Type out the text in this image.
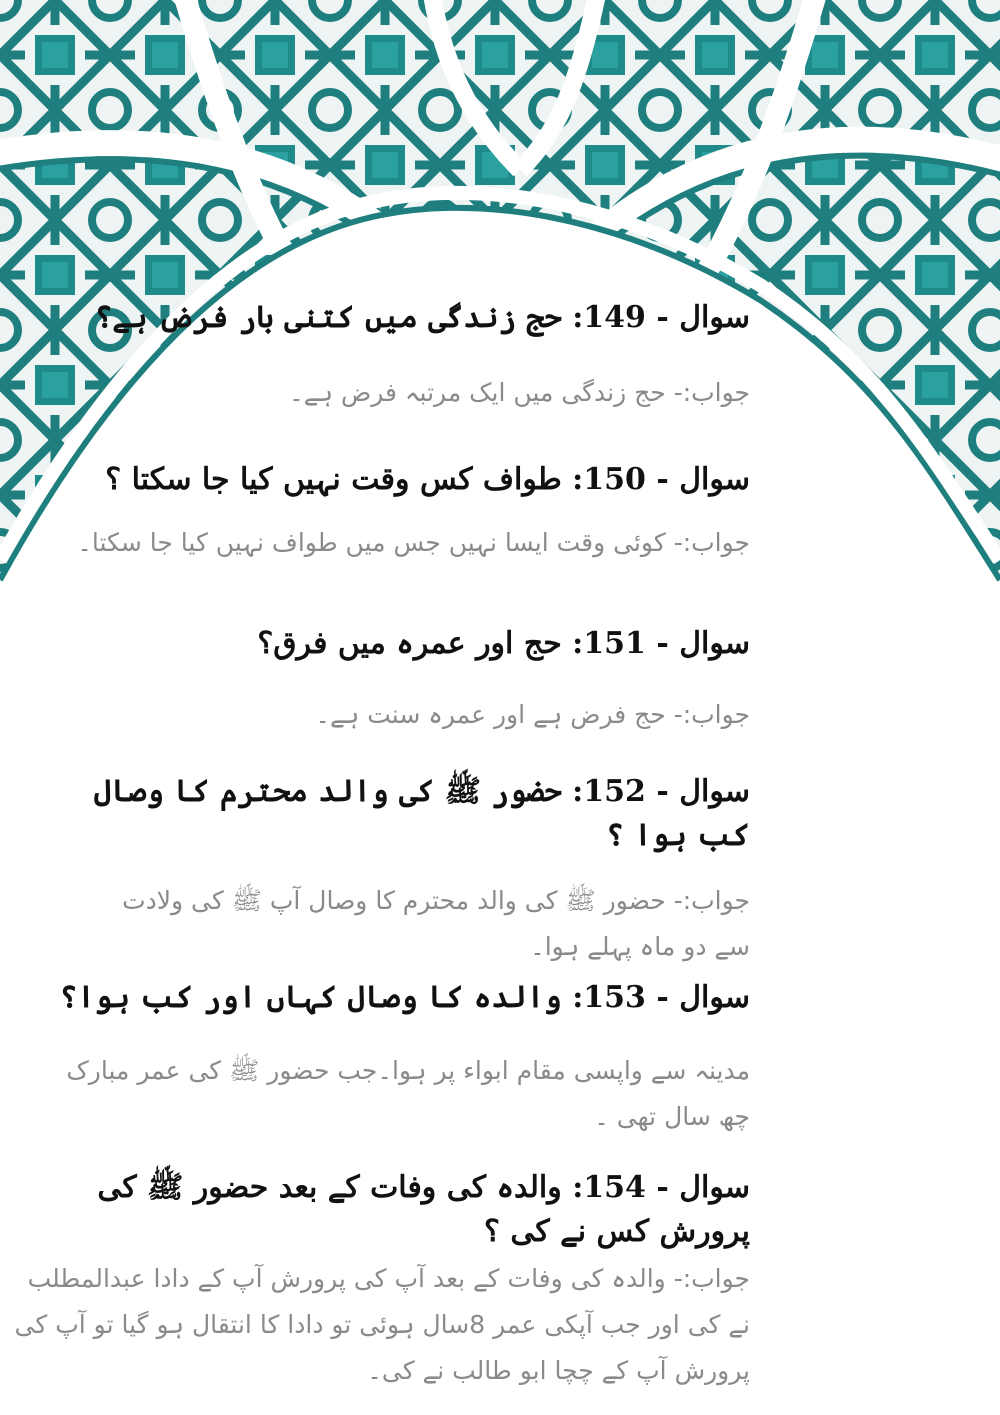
سوال - 149: حج زندگی میں کتنی بار فرض ہے؟

جواب:- حج زندگی میں ایک مرتبہ فرض ہے۔

سوال - 150: طواف کس وقت نہیں کیا جا سکتا ؟

جواب:- کوئی وقت ایسا نہیں جس میں طواف نہیں کیا جا سکتا۔

سوال - 151: حج اور عمرہ میں فرق؟

جواب:- حج فرض ہے اور عمرہ سنت ہے۔

سوال - 152: حضور ﷺ کی والد محترم کا وصال کب ہوا ؟

جواب:- حضور ﷺ کی والد محترم کا وصال آپ ﷺ کی ولادت سے دو ماہ پہلے ہوا۔

سوال - 153: والدہ کا وصال کہاں اور کب ہوا؟

مدینہ سے واپسی مقام ابواء پر ہوا۔جب حضور ﷺ کی عمر مبارک چھ سال تھی ۔

سوال - 154: والدہ کی وفات کے بعد حضور ﷺ کی پرورش کس نے کی ؟

جواب:- والدہ کی وفات کے بعد آپ کی پرورش آپ کے دادا عبدالمطلب نے کی اور جب آپکی عمر 8سال ہوئی تو دادا کا انتقال ہو گیا تو آپ کی پرورش آپ کے چچا ابو طالب نے کی۔
